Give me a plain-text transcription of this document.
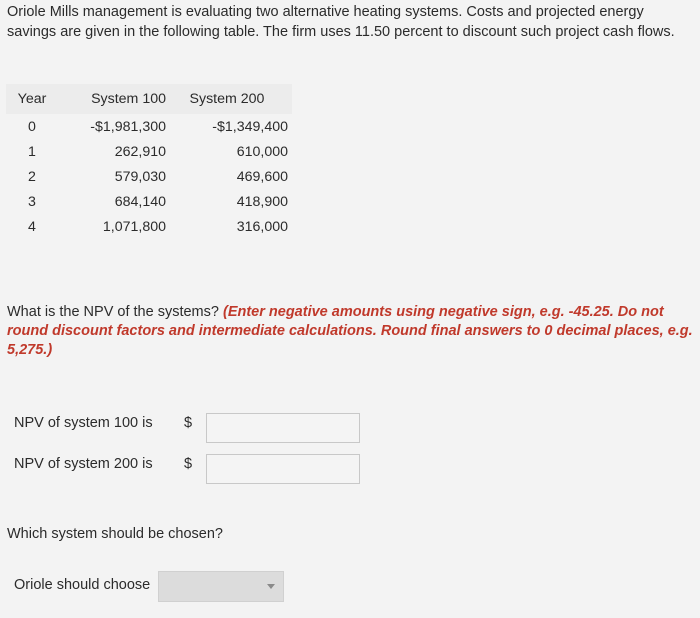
Oriole Mills management is evaluating two alternative heating systems. Costs and projected energy savings are given in the following table. The firm uses 11.50 percent to discount such project cash flows.
Year	System 100	System 200
0	-$1,981,300	-$1,349,400
1	262,910	610,000
2	579,030	469,600
3	684,140	418,900
4	1,071,800	316,000
What is the NPV of the systems? (Enter negative amounts using negative sign, e.g. -45.25. Do not round discount factors and intermediate calculations. Round final answers to 0 decimal places, e.g. 5,275.)
NPV of system 100 is $
NPV of system 200 is $
Which system should be chosen?
Oriole should choose
